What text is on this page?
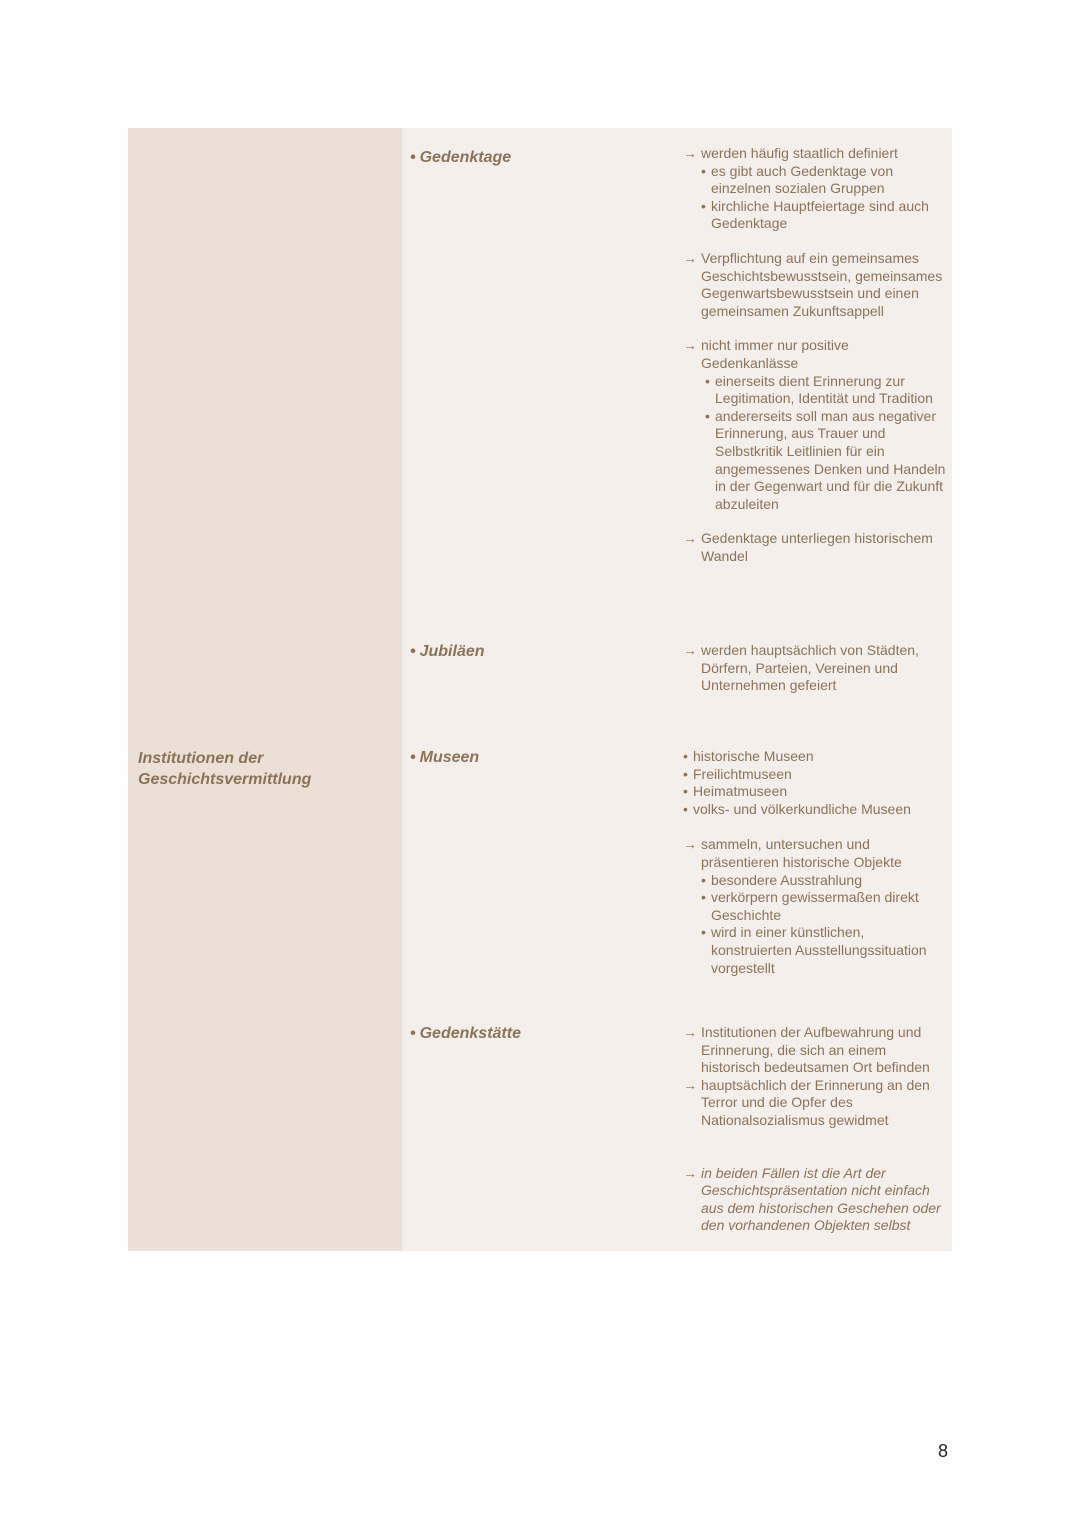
Institutionen der Geschichtsvermittlung
• Gedenktage
• Jubiläen
• Museen
• Gedenkstätte
→ werden häufig staatlich definiert
• es gibt auch Gedenktage von einzelnen sozialen Gruppen
• kirchliche Hauptfeiertage sind auch Gedenktage
→ Verpflichtung auf ein gemeinsames Geschichtsbewusstsein, gemeinsames Gegenwartsbewusstsein und einen gemeinsamen Zukunftsappell
→ nicht immer nur positive Gedenkanlässe
• einerseits dient Erinnerung zur Legitimation, Identität und Tradition
• andererseits soll man aus negativer Erinnerung, aus Trauer und Selbstkritik Leitlinien für ein angemessenes Denken und Handeln in der Gegenwart und für die Zukunft abzuleiten
→ Gedenktage unterliegen historischem Wandel
→ werden hauptsächlich von Städten, Dörfern, Parteien, Vereinen und Unternehmen gefeiert
• historische Museen
• Freilichtmuseen
• Heimatmuseen
• volks- und völkerkundliche Museen
→ sammeln, untersuchen und präsentieren historische Objekte
• besondere Ausstrahlung
• verkörpern gewissermaßen direkt Geschichte
• wird in einer künstlichen, konstruierten Ausstellungssituation vorgestellt
→ Institutionen der Aufbewahrung und Erinnerung, die sich an einem historisch bedeutsamen Ort befinden
→ hauptsächlich der Erinnerung an den Terror und die Opfer des Nationalsozialismus gewidmet
→ in beiden Fällen ist die Art der Geschichtspräsentation nicht einfach aus dem historischen Geschehen oder den vorhandenen Objekten selbst
8
